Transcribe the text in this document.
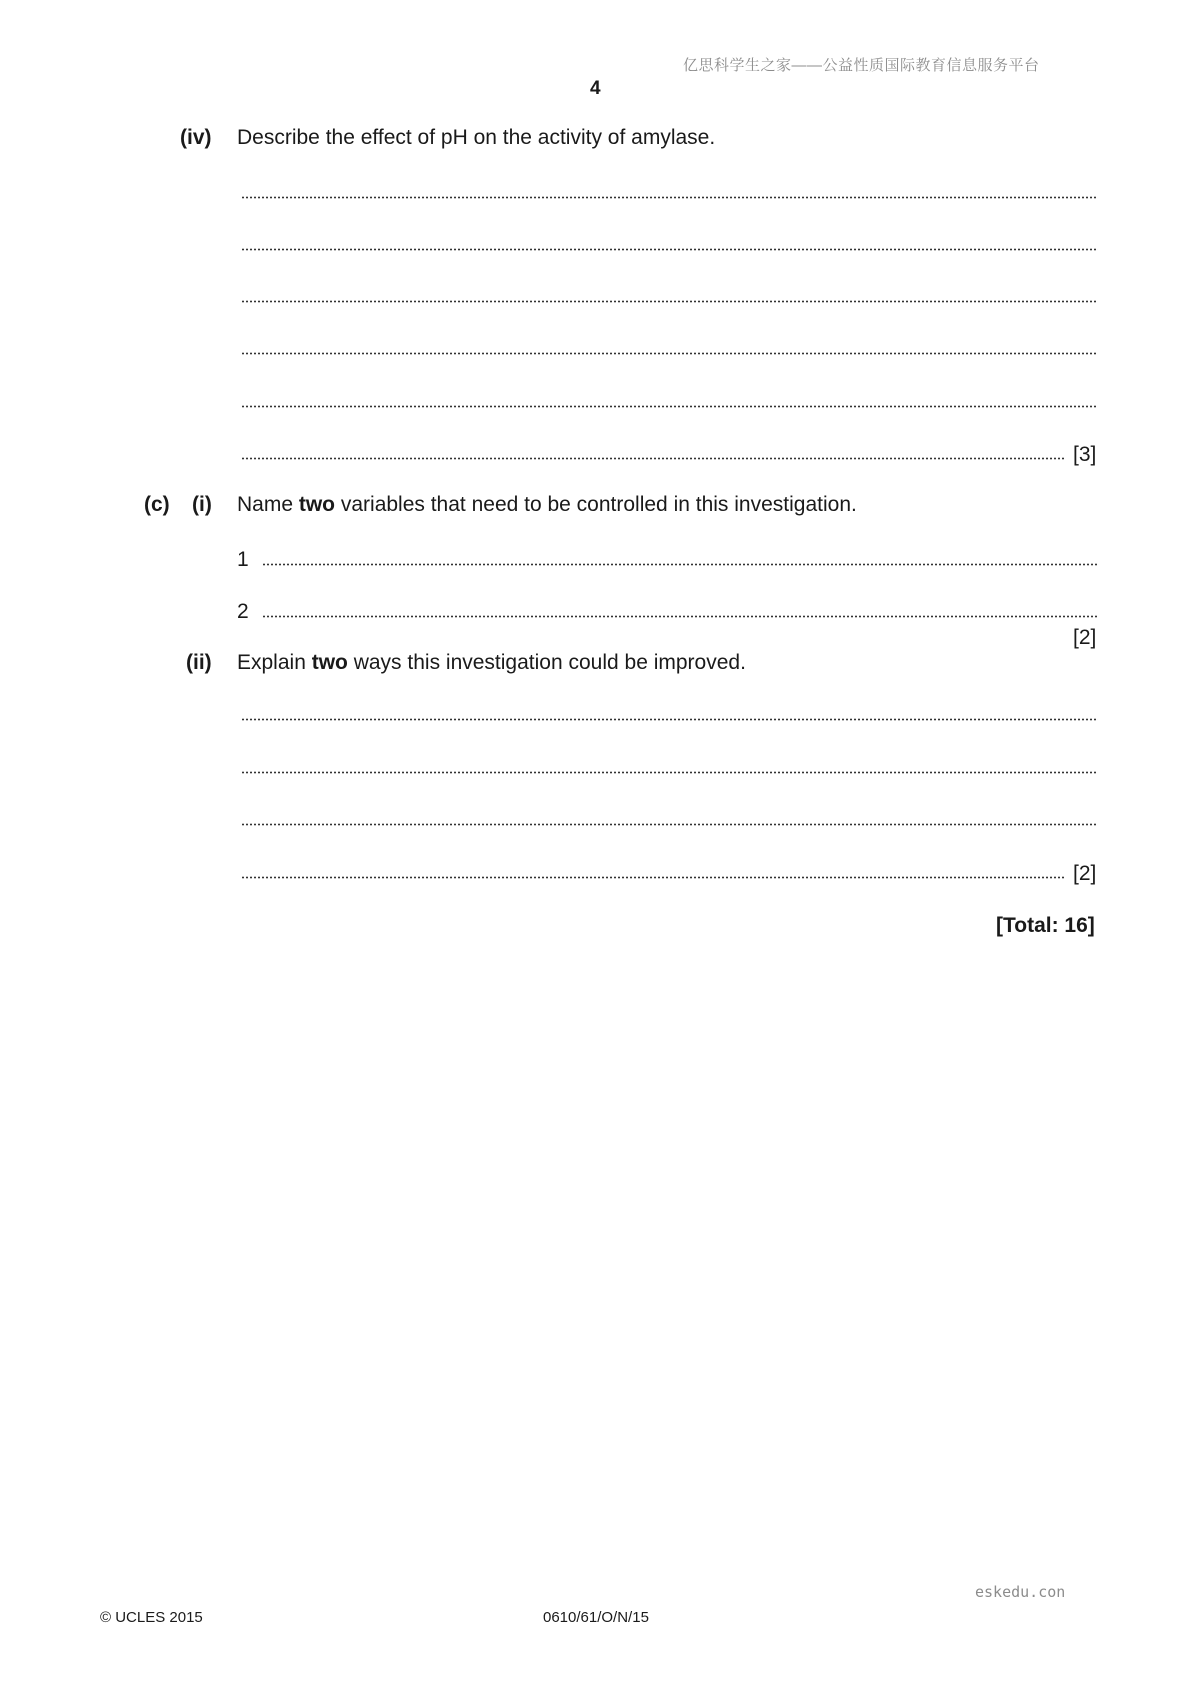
亿思科学生之家——公益性质国际教育信息服务平台
4
(iv) Describe the effect of pH on the activity of amylase.
[3]
(c) (i) Name two variables that need to be controlled in this investigation.
1
2
[2]
(ii) Explain two ways this investigation could be improved.
[2]
[Total: 16]
eskedu.con
© UCLES 2015	0610/61/O/N/15
